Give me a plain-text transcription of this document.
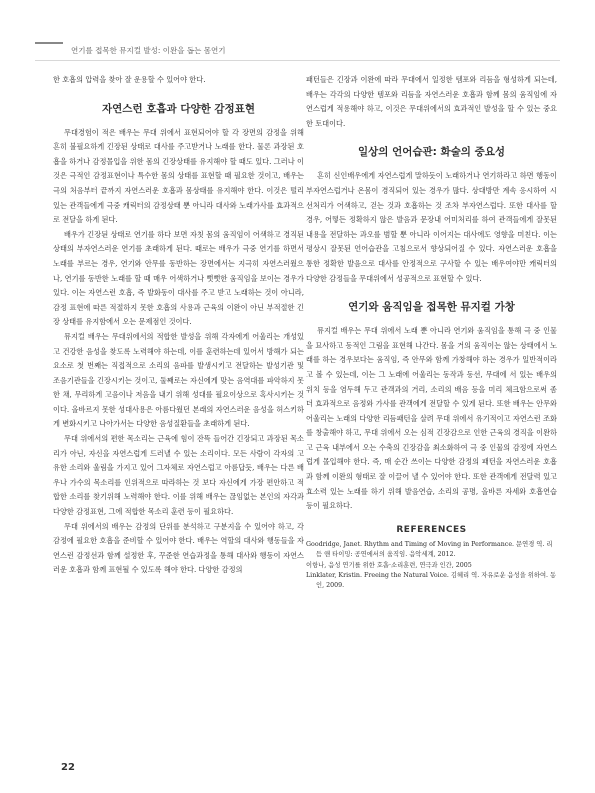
연기를 접목한 뮤지컬 발성: 이완을 돕는 몸연기

한 호흡의 압력을 찾아 잘 운용할 수 있어야 한다.

자연스런 호흡과 다양한 감정표현

무대경험이 적은 배우는 무대 위에서 표현되어야 할 각 장면의 감정을 위해 흔히 불필요하게 긴장된 상태로 대사를 주고받거나 노래를 한다. 물론 과장된 호흡을 하거나 감정몰입을 위한 몸의 긴장상태를 유지해야 할 때도 있다. 그러나 이것은 극적인 감정표현이나 특수한 몸의 상태를 표현할 때 필요한 것이고, 배우는 극의 처음부터 끝까지 자연스러운 호흡과 몸상태를 유지해야 한다. 이것은 떨리있는 관객들에게 극중 캐릭터의 감정상태 뿐 아니라 대사와 노래가사를 효과적으로 전달을 하게 된다.

배우가 긴장된 상태로 연기를 하다 보면 자칫 몸의 움직임이 어색하고 경직된 상태의 부자연스러운 연기를 초래하게 된다. 때로는 배우가 극중 연기를 하면서 노래를 부르는 경우, 연기와 안무를 동반하는 장면에서는 지극히 자연스러웠으나, 연기를 동반한 노래를 할 때 매우 어색하거나 뻣뻣한 움직임을 보이는 경우가 있다. 이는 자연스런 호흡, 즉 발화동이 대사를 주고 받고 노래하는 것이 아니라, 감정 표현에 따른 적절하지 못한 호흡의 사용과 근육의 이완이 아닌 부적절한 긴장 상태를 유지함에서 오는 문제점인 것이다.

뮤지컬 배우는 무대위에서의 적합한 발성을 위해 각자에게 어울리는 개성있고 건강한 음성을 찾도록 노력해야 하는데, 이를 훈련하는데 있어서 방해가 되는 요소로 첫 번째는 직접적으로 소리의 음파를 발생시키고 전달하는 발성기관 및 조음기관들을 긴장시키는 것이고, 둘째로는 자신에게 맞는 음역대를 파악하지 못한 채, 무리하게 고음이나 저음을 내기 위해 성대를 필요이상으로 혹사시키는 것이다. 올바르지 못한 성대사용은 아름다웠던 본래의 자연스러운 음성을 허스키하게 변화시키고 나아가서는 다양한 음성질환들을 초래하게 된다.

무대 위에서의 편한 목소리는 근육에 힘이 잔뜩 들어간 긴장되고 과장된 목소리가 아닌, 자신을 자연스럽게 드러낼 수 있는 소리이다. 모든 사람이 각자의 고유한 소리와 울림을 가지고 있어 그자체로 자연스럽고 아름답듯, 배우는 다른 배우나 가수의 목소리를 인위적으로 따라하는 것 보다 자신에게 가장 편안하고 적합한 소리를 찾기위해 노력해야 한다. 이를 위해 배우는 끊임없는 본인의 자각과 다양한 감정표현, 그에 적합한 목소리 훈련 등이 필요하다.

무대 위에서의 배우는 감정의 단위를 분석하고 구분지을 수 있어야 하고, 각 감정에 필요한 호흡을 준비할 수 있어야 한다. 배우는 역할의 대사와 행동들을 자연스런 감정선과 함께 설정한 후, 꾸준한 연습과정을 통해 대사와 행동이 자연스러운 호흡과 함께 표현될 수 있도록 해야 한다. 다양한 감정의

패턴들은 긴장과 이완에 따라 무대에서 일정한 템포와 리듬을 형성하게 되는데, 배우는 각각의 다양한 템포와 리듬을 자연스러운 호흡과 함께 몸의 움직임에 자연스럽게 적용해야 하고, 이것은 무대위에서의 효과적인 발성을 할 수 있는 중요한 토대이다.

일상의 언어습관: 화술의 중요성

흔히 신인배우에게 자연스럽게 말하듯이 노래하거나 연기하라고 하면 행동이 부자연스럽거나 온몸이 경직되어 있는 경우가 많다. 상대방만 계속 응시하여 시선처리가 어색하고, 걷는 것과 호흡하는 것 조차 부자연스럽다. 또한 대사를 할 경우, 어떻든 정확하지 않은 발음과 문장내 어미처리를 하여 관객들에게 잘못된 내용을 전달하는 과오를 범할 뿐 아니라 이어지는 대사에도 영향을 미친다. 이는 평상시 잘못된 언어습관을 고침으로서 향상되어질 수 있다. 자연스러운 호흡을 통한 정확한 발음으로 대사를 안정적으로 구사할 수 있는 배우여야만 캐릭터의 다양한 감정들을 무대위에서 성공적으로 표현할 수 있다.

연기와 움직임을 접목한 뮤지컬 가창

뮤지컬 배우는 무대 위에서 노래 뿐 아니라 연기와 움직임을 통해 극 중 인물을 묘사하고 동적인 그림을 표현해 나간다. 몸을 거의 움직이는 않는 상태에서 노래를 하는 경우보다는 움직임, 즉 안무와 함께 가창해야 하는 경우가 일반적이라고 볼 수 있는데, 이는 그 노래에 어울리는 동작과 동선, 무대에 서 있는 배우의 위치 등을 염두해 두고 관객과의 거리, 소리의 배음 등을 미리 체크함으로써 좀 더 효과적으로 음정와 가사를 관객에게 전달할 수 있게 된다. 또한 배우는 안무와 어울리는 노래의 다양한 리듬패턴을 살려 무대 위에서 유기적이고 자연스런 조화를 창출해야 하고, 무대 위에서 오는 심적 긴장감으로 인한 근육의 경직을 이완하고 근육 내부에서 오는 수축의 긴장감을 최소화하여 극 중 인물의 감정에 자연스럽게 몰입해야 한다. 즉, 매 순간 쓰이는 다양한 감정의 패턴을 자연스러운 호흡과 함께 이완의 형태로 잘 이끌어 낼 수 있어야 한다. 또한 관객에게 전달력 있고 효소력 있는 노래를 하기 위해 발음연습, 소리의 공명, 올바른 자세와 호흡연습 등이 필요하다.

REFERENCES

Goodridge, Janet. Rhythm and Timing of Moving in Performance. 문연경 역. 리듬 앤 타이밍: 공연에서의 움직임. 음악세계, 2012.

이항나, 음성 연기를 위한 호흡·소리훈련, 연극과 인간, 2005

Linklater, Kristin. Freeing the Natural Voice. 김혜리 역. 자유로운 음성을 위하여. 동인, 2009.

22
